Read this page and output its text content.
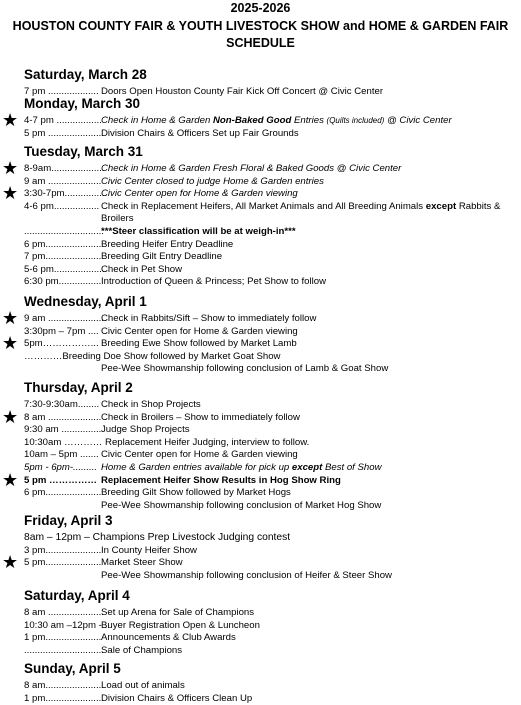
2025-2026
HOUSTON COUNTY FAIR & YOUTH LIVESTOCK SHOW and HOME & GARDEN FAIR
SCHEDULE
Saturday, March 28
7 pm ................... Doors Open Houston County Fair Kick Off Concert @ Civic Center
Monday, March 30
★ 4-7 pm ................. Check in Home & Garden Non-Baked Good Entries (Quilts included) @ Civic Center
5 pm .................... Division Chairs & Officers Set up Fair Grounds
Tuesday, March 31
★ 8-9am....................
Check in Home & Garden Fresh Floral & Baked Goods @ Civic Center
9 am .................... Civic Center closed to judge Home & Garden entries
★ 3:30-7pm................
Civic Center open for Home & Garden viewing
4-6 pm................. Check in Replacement Heifers, All Market Animals and All Breeding Animals except Rabbits &
Broilers
..............................
***Steer classification will be at weigh-in***
6 pm..................... Breeding Heifer Entry Deadline
7 pm..................... Breeding Gilt Entry Deadline
5-6 pm...................
Check in Pet Show
6:30 pm................ Introduction of Queen & Princess; Pet Show to follow
Wednesday, April 1
★ 9 am .....................
Check in Rabbits/Sift – Show to immediately follow
3:30pm – 7pm .... Civic Center open for Home & Garden viewing
★ 5pm……………... Breeding Ewe Show followed by Market Lamb
…………Breeding Doe Show followed by Market Goat Show
Pee-Wee Showmanship following conclusion of Lamb & Goat Show
Thursday, April 2
7:30-9:30am........ Check in Shop Projects
★ 8 am .................... Check in Broilers – Show to immediately follow
9:30 am ............... Judge Shop Projects
10:30am ………… Replacement Heifer Judging, interview to follow.
10am – 5pm ....... Civic Center open for Home & Garden viewing
5pm - 6pm-......... Home & Garden entries available for pick up except Best of Show
★ 5 pm …………… Replacement Heifer Show Results in Hog Show Ring
6 pm..................... Breeding Gilt Show followed by Market Hogs
Pee-Wee Showmanship following conclusion of Market Hog Show
Friday, April 3
8am – 12pm – Champions Prep Livestock Judging contest
3 pm..................... In County Heifer Show
★ 5 pm..................... Market Steer Show
Pee-Wee Showmanship following conclusion of Heifer & Steer Show
Saturday, April 4
8 am .....................
Set up Arena for Sale of Champions
10:30 am –12pm - ..
Buyer Registration Open & Luncheon
1 pm..................... Announcements & Club Awards
..............................
Sale of Champions
Sunday, April 5
8 am..................... Load out of animals
1 pm..................... Division Chairs & Officers Clean Up
